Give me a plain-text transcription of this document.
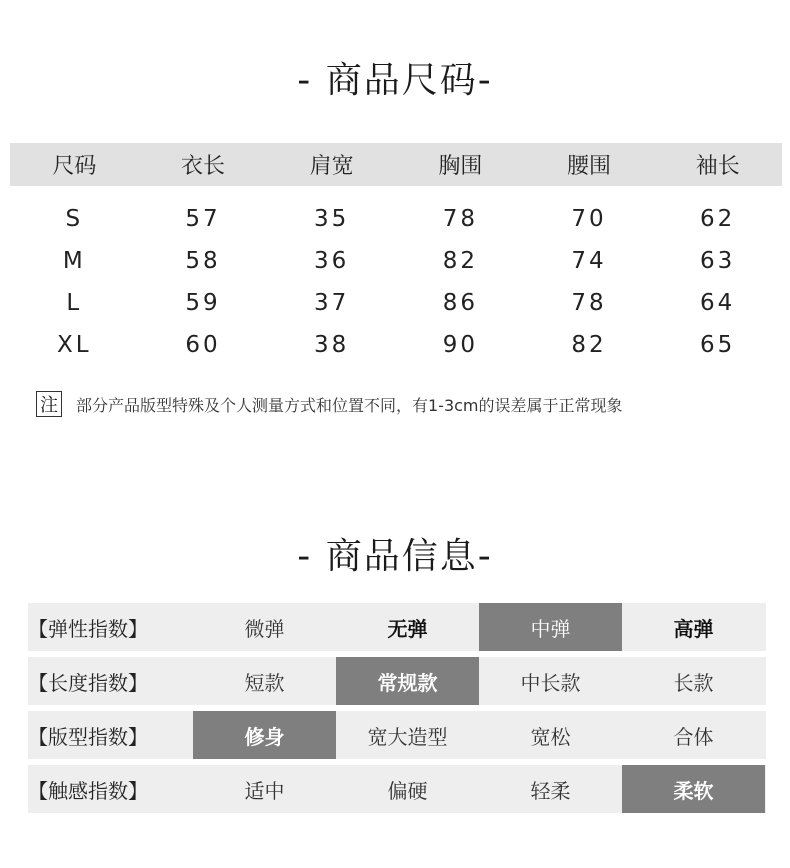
- 商品尺码-
尺码	衣长	肩宽	胸围	腰围	袖长
S	57	35	78	70	62
M	58	36	82	74	63
L	59	37	86	78	64
XL	60	38	90	82	65
注 部分产品版型特殊及个人测量方式和位置不同，有1-3cm的误差属于正常现象
- 商品信息-
【弹性指数】	微弹	无弹	中弹	高弹
【长度指数】	短款	常规款	中长款	长款
【版型指数】	修身	宽大造型	宽松	合体
【触感指数】	适中	偏硬	轻柔	柔软
